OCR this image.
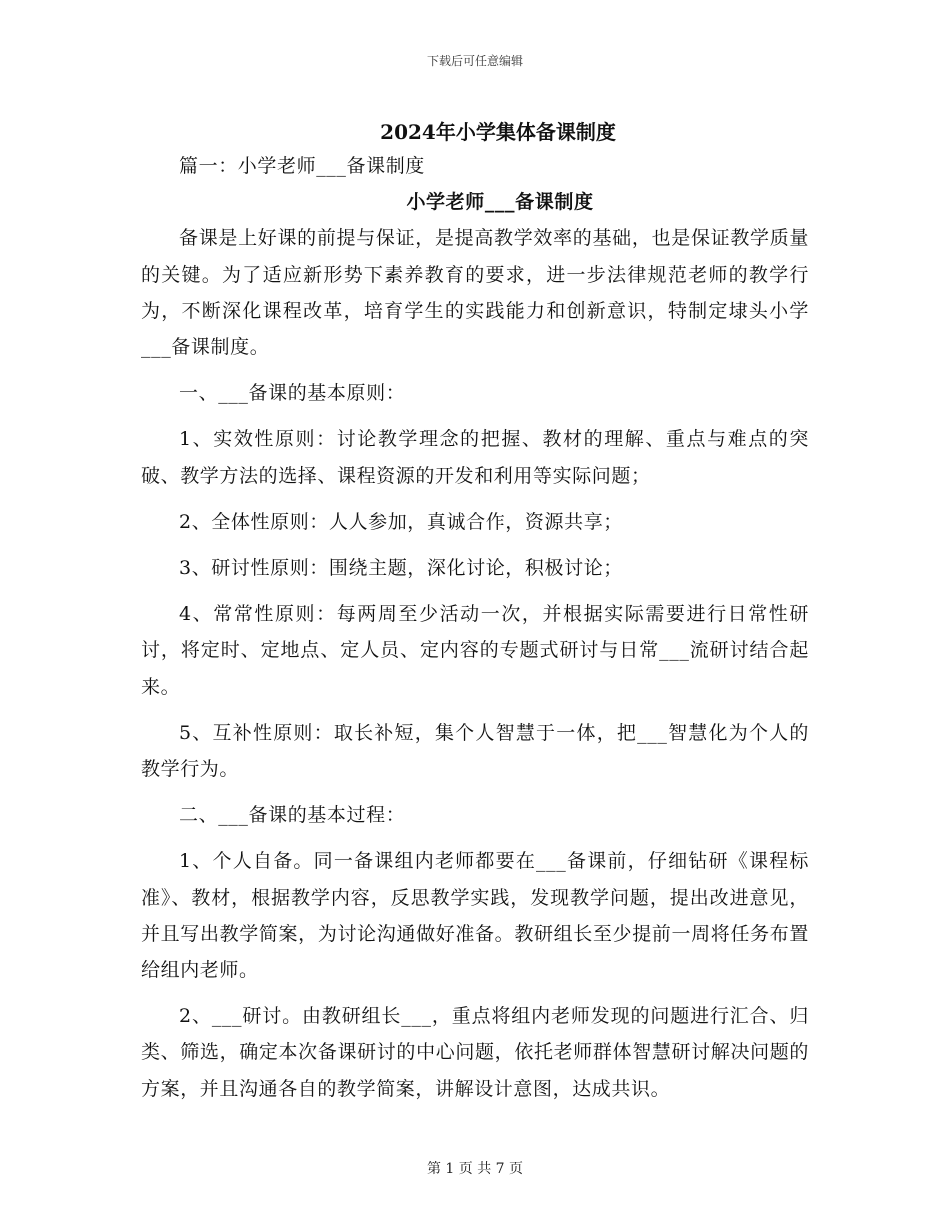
下载后可任意编辑
2024年小学集体备课制度

篇一：小学老师___备课制度

小学老师___备课制度

备课是上好课的前提与保证，是提高教学效率的基础，也是保证教学质量的关键。为了适应新形势下素养教育的要求，进一步法律规范老师的教学行为，不断深化课程改革，培育学生的实践能力和创新意识，特制定埭头小学___备课制度。

一、___备课的基本原则：

1、实效性原则：讨论教学理念的把握、教材的理解、重点与难点的突破、教学方法的选择、课程资源的开发和利用等实际问题；

2、全体性原则：人人参加，真诚合作，资源共享；

3、研讨性原则：围绕主题，深化讨论，积极讨论；

4、常常性原则：每两周至少活动一次，并根据实际需要进行日常性研讨，将定时、定地点、定人员、定内容的专题式研讨与日常___流研讨结合起来。

5、互补性原则：取长补短，集个人智慧于一体，把___智慧化为个人的教学行为。

二、___备课的基本过程：

1、个人自备。同一备课组内老师都要在___备课前，仔细钻研《课程标准》、教材，根据教学内容，反思教学实践，发现教学问题，提出改进意见，并且写出教学简案，为讨论沟通做好准备。教研组长至少提前一周将任务布置给组内老师。

2、___研讨。由教研组长___，重点将组内老师发现的问题进行汇合、归类、筛选，确定本次备课研讨的中心问题，依托老师群体智慧研讨解决问题的方案，并且沟通各自的教学简案，讲解设计意图，达成共识。

第 1 页 共 7 页
